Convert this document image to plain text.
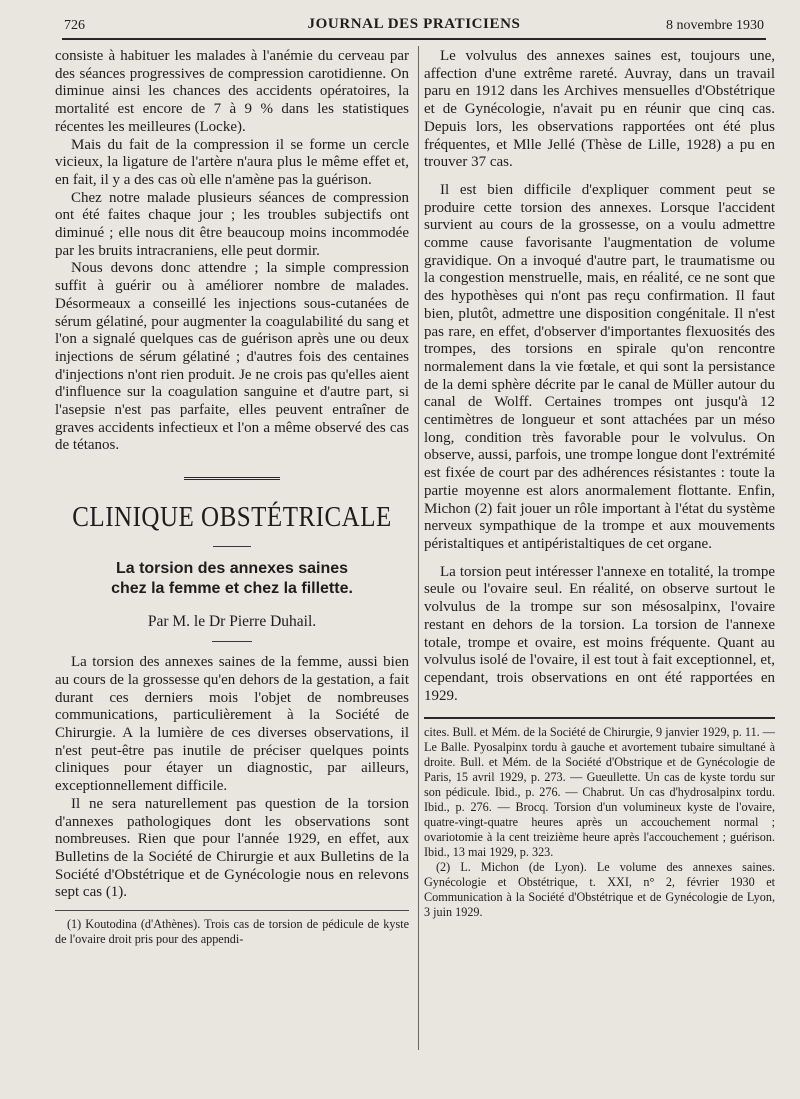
726	JOURNAL DES PRATICIENS	8 novembre 1930

consiste à habituer les malades à l'anémie du cerveau par des séances progressives de compression carotidienne. On diminue ainsi les chances des accidents opératoires, la mortalité est encore de 7 à 9 % dans les statistiques récentes les meilleures (Locke).

Mais du fait de la compression il se forme un cercle vicieux, la ligature de l'artère n'aura plus le même effet et, en fait, il y a des cas où elle n'amène pas la guérison.

Chez notre malade plusieurs séances de compression ont été faites chaque jour ; les troubles subjectifs ont diminué ; elle nous dit être beaucoup moins incommodée par les bruits intracraniens, elle peut dormir.

Nous devons donc attendre ; la simple compression suffit à guérir ou à améliorer nombre de malades. Désormeaux a conseillé les injections sous-cutanées de sérum gélatiné, pour augmenter la coagulabilité du sang et l'on a signalé quelques cas de guérison après une ou deux injections de sérum gélatiné ; d'autres fois des centaines d'injections n'ont rien produit. Je ne crois pas qu'elles aient d'influence sur la coagulation sanguine et d'autre part, si l'asepsie n'est pas parfaite, elles peuvent entraîner de graves accidents infectieux et l'on a même observé des cas de tétanos.

CLINIQUE OBSTÉTRICALE
La torsion des annexes saines
chez la femme et chez la fillette.
Par M. le Dr Pierre Duhail.

La torsion des annexes saines de la femme, aussi bien au cours de la grossesse qu'en dehors de la gestation, a fait durant ces derniers mois l'objet de nombreuses communications, particulièrement à la Société de Chirurgie. A la lumière de ces diverses observations, il n'est peut-être pas inutile de préciser quelques points cliniques pour étayer un diagnostic, par ailleurs, exceptionnellement difficile.

Il ne sera naturellement pas question de la torsion d'annexes pathologiques dont les observations sont nombreuses. Rien que pour l'année 1929, en effet, aux Bulletins de la Société de Chirurgie et aux Bulletins de la Société d'Obstétrique et de Gynécologie nous en relevons sept cas (1).

(1) Koutodina (d'Athènes). Trois cas de torsion de pédicule de kyste de l'ovaire droit pris pour des appendi-

Le volvulus des annexes saines est, toujours une, affection d'une extrême rareté. Auvray, dans un travail paru en 1912 dans les Archives mensuelles d'Obstétrique et de Gynécologie, n'avait pu en réunir que cinq cas. Depuis lors, les observations rapportées ont été plus fréquentes, et Mlle Jellé (Thèse de Lille, 1928) a pu en trouver 37 cas.

Il est bien difficile d'expliquer comment peut se produire cette torsion des annexes. Lorsque l'accident survient au cours de la grossesse, on a voulu admettre comme cause favorisante l'augmentation de volume gravidique. On a invoqué d'autre part, le traumatisme ou la congestion menstruelle, mais, en réalité, ce ne sont que des hypothèses qui n'ont pas reçu confirmation. Il faut bien, plutôt, admettre une disposition congénitale. Il n'est pas rare, en effet, d'observer d'importantes flexuosités des trompes, des torsions en spirale qu'on rencontre normalement dans la vie fœtale, et qui sont la persistance de la demi sphère décrite par le canal de Müller autour du canal de Wolff. Certaines trompes ont jusqu'à 12 centimètres de longueur et sont attachées par un méso long, condition très favorable pour le volvulus. On observe, aussi, parfois, une trompe longue dont l'extrémité est fixée de court par des adhérences résistantes : toute la partie moyenne est alors anormalement flottante. Enfin, Michon (2) fait jouer un rôle important à l'état du système nerveux sympathique de la trompe et aux mouvements péristaltiques et antipéristaltiques de cet organe.

La torsion peut intéresser l'annexe en totalité, la trompe seule ou l'ovaire seul. En réalité, on observe surtout le volvulus de la trompe sur son mésosalpinx, l'ovaire restant en dehors de la torsion. La torsion de l'annexe totale, trompe et ovaire, est moins fréquente. Quant au volvulus isolé de l'ovaire, il est tout à fait exceptionnel, et, cependant, trois observations en ont été rapportées en 1929.

cites. Bull. et Mém. de la Société de Chirurgie, 9 janvier 1929, p. 11. — Le Balle. Pyosalpinx tordu à gauche et avortement tubaire simultané à droite. Bull. et Mém. de la Société d'Obstrique et de Gynécologie de Paris, 15 avril 1929, p. 273. — Gueullette. Un cas de kyste tordu sur son pédicule. Ibid., p. 276. — Chabrut. Un cas d'hydrosalpinx tordu. Ibid., p. 276. — Brocq. Torsion d'un volumineux kyste de l'ovaire, quatre-vingt-quatre heures après un accouchement normal ; ovariotomie à la cent treizième heure après l'accouchement ; guérison. Ibid., 13 mai 1929, p. 323.

(2) L. Michon (de Lyon). Le volume des annexes saines. Gynécologie et Obstétrique, t. XXI, n° 2, février 1930 et Communication à la Société d'Obstétrique et de Gynécologie de Lyon, 3 juin 1929.
